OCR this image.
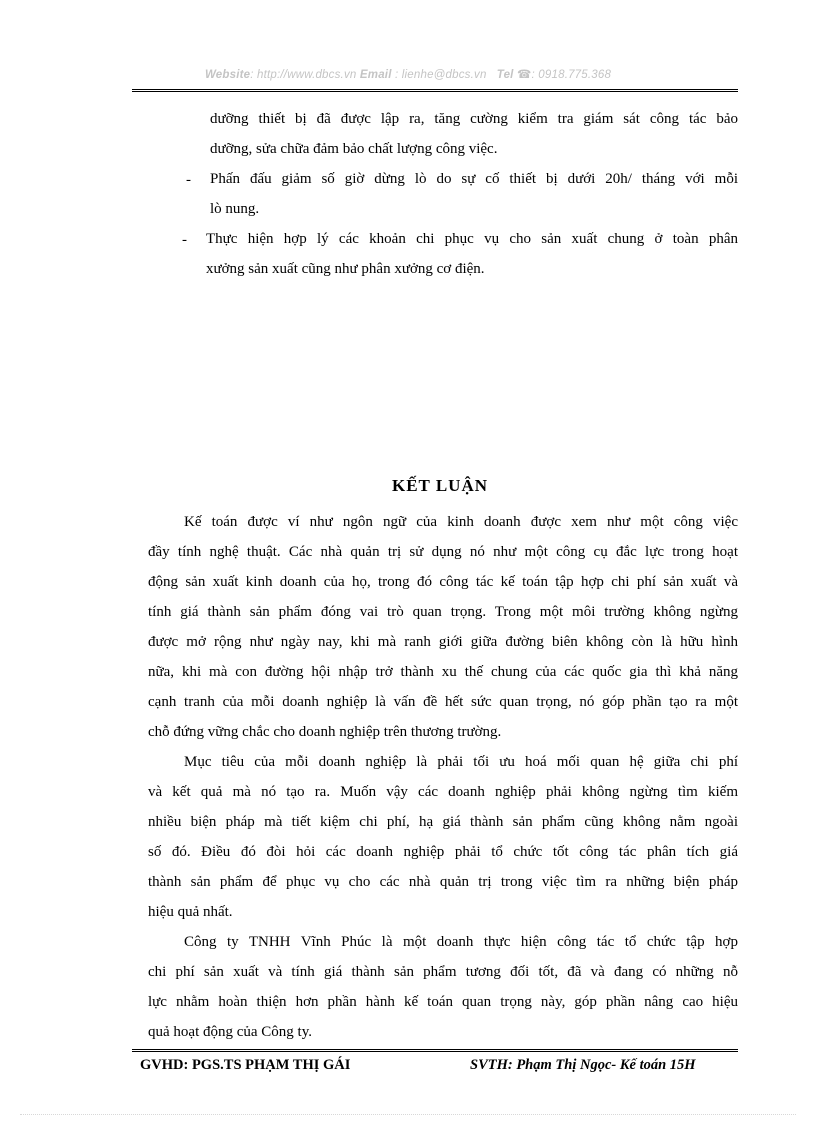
Website: http://www.dbcs.vn Email : lienhe@dbcs.vn Tel ☎: 0918.775.368
dưỡng thiết bị đã được lập ra, tăng cường kiểm tra giám sát công tác bảo
dưỡng, sửa chữa đảm bảo chất lượng công việc.
- Phấn đấu giảm số giờ dừng lò do sự cố thiết bị dưới 20h/ tháng với mỗi
lò nung.
- Thực hiện hợp lý các khoản chi phục vụ cho sản xuất chung ở toàn phân
xưởng sản xuất cũng như phân xưởng cơ điện.
KẾT LUẬN
Kế toán được ví như ngôn ngữ của kinh doanh được xem như một công việc
đầy tính nghệ thuật. Các nhà quản trị sử dụng nó như một công cụ đắc lực trong hoạt
động sản xuất kinh doanh của họ, trong đó công tác kế toán tập hợp chi phí sản xuất và
tính giá thành sản phẩm đóng vai trò quan trọng. Trong một môi trường không ngừng
được mở rộng như ngày nay, khi mà ranh giới giữa đường biên không còn là hữu hình
nữa, khi mà con đường hội nhập trở thành xu thế chung của các quốc gia thì khả năng
cạnh tranh của mỗi doanh nghiệp là vấn đề hết sức quan trọng, nó góp phần tạo ra một
chỗ đứng vững chắc cho doanh nghiệp trên thương trường.
Mục tiêu của mỗi doanh nghiệp là phải tối ưu hoá mối quan hệ giữa chi phí
và kết quả mà nó tạo ra. Muốn vậy các doanh nghiệp phải không ngừng tìm kiếm
nhiều biện pháp mà tiết kiệm chi phí, hạ giá thành sản phẩm cũng không nằm ngoài
số đó. Điều đó đòi hỏi các doanh nghiệp phải tổ chức tốt công tác phân tích giá
thành sản phẩm để phục vụ cho các nhà quản trị trong việc tìm ra những biện pháp
hiệu quả nhất.
Công ty TNHH Vĩnh Phúc là một doanh thực hiện công tác tổ chức tập hợp
chi phí sản xuất và tính giá thành sản phẩm tương đối tốt, đã và đang có những nỗ
lực nhằm hoàn thiện hơn phần hành kế toán quan trọng này, góp phần nâng cao hiệu
quả hoạt động của Công ty.
GVHD: PGS.TS PHẠM THỊ GÁI	SVTH: Phạm Thị Ngọc- Kế toán 15H
